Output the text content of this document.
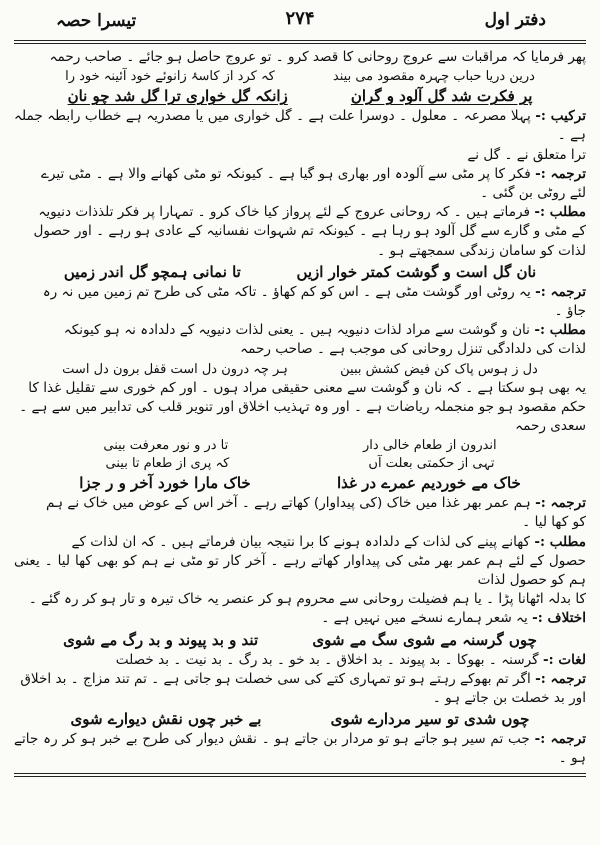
تیسرا حصہ	۲۷۴	دفتر اول

پھر فرمایا کہ مراقبات سے عروج روحانی کا قصد کرو ۔ تو عروج حاصل ہو جائے ۔ صاحب رحمہ

درین دریا حباب چہرہ مقصود می بیند
کہ کرد از کاسۂ زانوئے خود آئینہ خود را
پر فکرت شد گل آلود و گران
زانکہ گل خواری ترا گل شد چو نان

ترکیب :- پہلا مصرعہ ۔ معلول ۔ دوسرا علت ہے ۔ گل خواری میں یا مصدریہ ہے خطاب رابطہ جملہ ہے ۔

ترا متعلق نے ۔ گل نے

ترجمہ :- فکر کا پر مٹی سے آلودہ اور بھاری ہو گیا ہے ۔ کیونکہ تو مٹی کھانے والا ہے ۔ مٹی تیرے

لئے روٹی بن گئی ۔

مطلب :- فرماتے ہیں ۔ کہ روحانی عروج کے لئے پرواز کیا خاک کرو ۔ تمہارا پر فکر تلذذات دنیویہ

کے مٹی و گارے سے گل آلود ہو رہا ہے ۔ کیونکہ تم شہوات نفسانیہ کے عادی ہو رہے ۔ اور حصول

لذات کو سامان زندگی سمجھتے ہو ۔

نان گل است و گوشت کمتر خوار ازیں
تا نمانی ہمچو گل اندر زمیں

ترجمہ :- یہ روٹی اور گوشت مٹی ہے ۔ اس کو کم کھاؤ ۔ تاکہ مٹی کی طرح تم زمین میں نہ رہ

جاؤ ۔

مطلب :- نان و گوشت سے مراد لذات دنیویہ ہیں ۔ یعنی لذات دنیویہ کے دلدادہ نہ ہو کیونکہ

لذات کی دلدادگی تنزل روحانی کی موجب ہے ۔ صاحب رحمہ

دل ز ہوس پاک کن فیض کشش ببین
ہر چہ درون دل است قفل برون دل است

یہ بھی ہو سکتا ہے ۔ کہ نان و گوشت سے معنی حقیقی مراد ہوں ۔ اور کم خوری سے تقلیل غذا کا

حکم مقصود ہو جو منجملہ ریاضات ہے ۔ اور وہ تہذیب اخلاق اور تنویر قلب کی تدابیر میں سے ہے ۔

سعدی رحمہ

اندرون از طعام خالی دار
تا در و نور معرفت بینی
تہی از حکمتی بعلت آں
کہ پری از طعام تا بینی
خاک مے خوردیم عمرے در غذا
خاک مارا خورد آخر و ر جزا

ترجمہ :- ہم عمر بھر غذا میں خاک (کی پیداوار) کھاتے رہے ۔ آخر اس کے عوض میں خاک نے ہم

کو کھا لیا ۔

مطلب :- کھانے پینے کی لذات کے دلدادہ ہونے کا برا نتیجہ بیان فرماتے ہیں ۔ کہ ان لذات کے

حصول کے لئے ہم عمر بھر مٹی کی پیداوار کھاتے رہے ۔ آخر کار تو مٹی نے ہم کو بھی کھا لیا ۔ یعنی ہم کو حصول لذات

کا بدلہ اٹھانا پڑا ۔ یا ہم فضیلت روحانی سے محروم ہو کر عنصر یہ خاک تیرہ و تار ہو کر رہ گئے ۔

اختلاف :- یہ شعر ہمارے نسخے میں نہیں ہے ۔

چوں گرسنہ مے شوی سگ مے شوی
تند و بد پیوند و بد رگ مے شوی

لغات :- گرسنہ ۔ بھوکا ۔ بد پیوند ۔ بد اخلاق ۔ بد خو ۔ بد رگ ۔ بد نیت ۔ بد خصلت

ترجمہ :- اگر تم بھوکے رہتے ہو تو تمہاری کتے کی سی خصلت ہو جاتی ہے ۔ تم تند مزاج ۔ بد اخلاق

اور بد خصلت بن جاتے ہو ۔

چوں شدی تو سیر مردارے شوی
بے خبر چوں نقش دیوارے شوی

ترجمہ :- جب تم سیر ہو جاتے ہو تو مردار بن جاتے ہو ۔ نقش دیوار کی طرح بے خبر ہو کر رہ جاتے ہو ۔
